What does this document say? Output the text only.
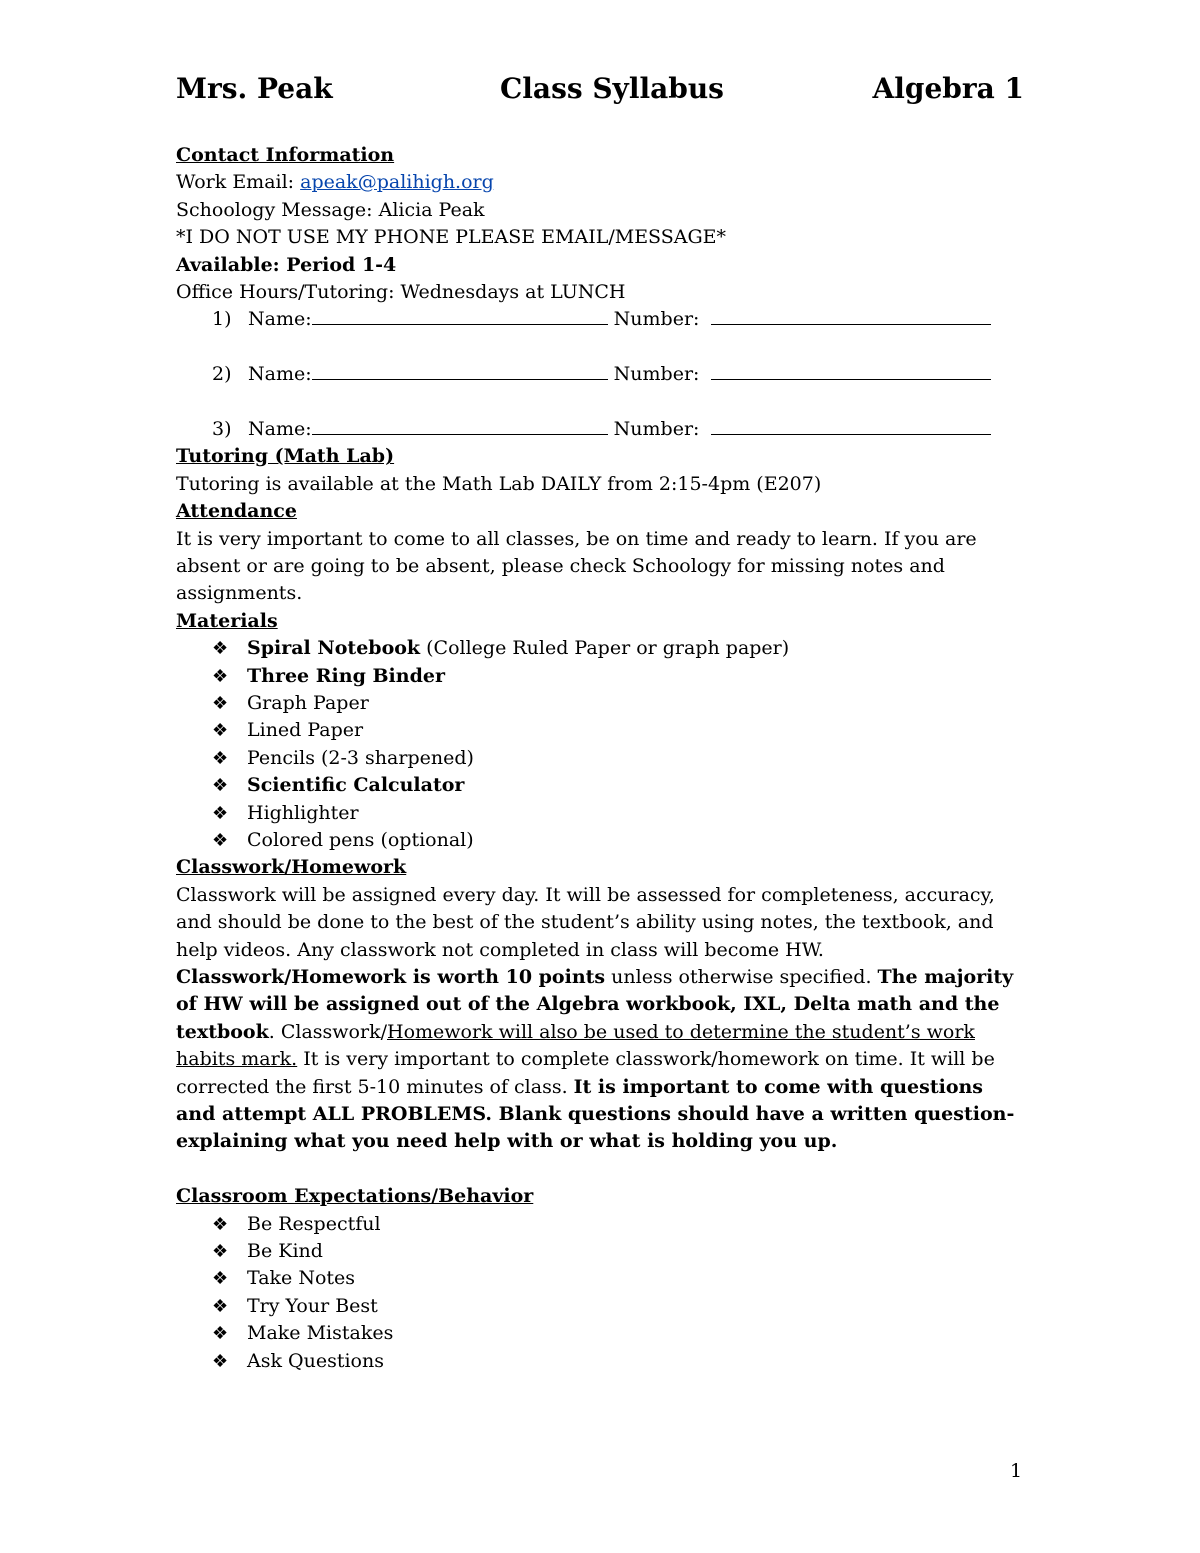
Mrs. Peak	Class Syllabus	Algebra 1
Contact Information
Work Email: apeak@palihigh.org
Schoology Message: Alicia Peak
*I DO NOT USE MY PHONE PLEASE EMAIL/MESSAGE*
Available: Period 1-4
Office Hours/Tutoring: Wednesdays at LUNCH
1) Name:	Number:
2) Name:	Number:
3) Name:	Number:
Tutoring (Math Lab)
Tutoring is available at the Math Lab DAILY from 2:15-4pm (E207)
Attendance
It is very important to come to all classes, be on time and ready to learn. If you are absent or are going to be absent, please check Schoology for missing notes and assignments.
Materials
❖ Spiral Notebook (College Ruled Paper or graph paper)
❖ Three Ring Binder
❖ Graph Paper
❖ Lined Paper
❖ Pencils (2-3 sharpened)
❖ Scientific Calculator
❖ Highlighter
❖ Colored pens (optional)
Classwork/Homework
Classwork will be assigned every day. It will be assessed for completeness, accuracy, and should be done to the best of the student’s ability using notes, the textbook, and help videos. Any classwork not completed in class will become HW. Classwork/Homework is worth 10 points unless otherwise specified. The majority of HW will be assigned out of the Algebra workbook, IXL, Delta math and the textbook. Classwork/Homework will also be used to determine the student’s work habits mark. It is very important to complete classwork/homework on time. It will be corrected the first 5-10 minutes of class. It is important to come with questions and attempt ALL PROBLEMS. Blank questions should have a written question-explaining what you need help with or what is holding you up.
Classroom Expectations/Behavior
❖ Be Respectful
❖ Be Kind
❖ Take Notes
❖ Try Your Best
❖ Make Mistakes
❖ Ask Questions
1
